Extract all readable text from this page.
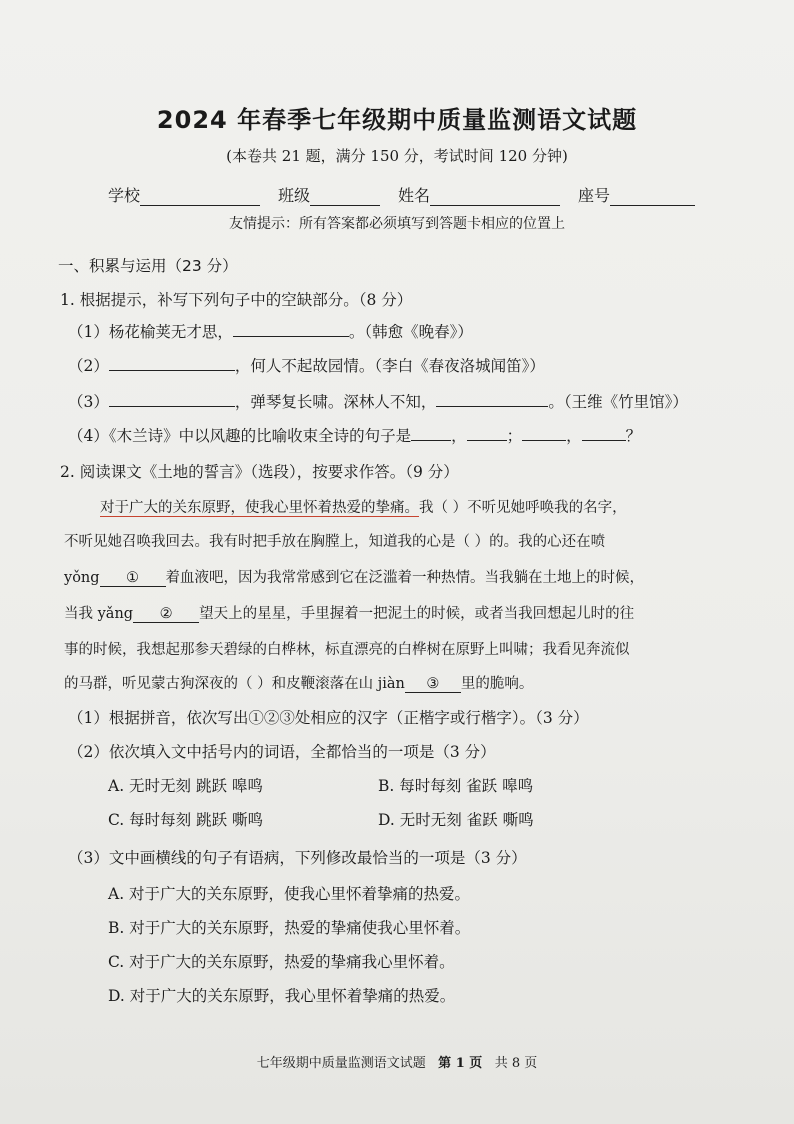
2024 年春季七年级期中质量监测语文试题
(本卷共 21 题，满分 150 分，考试时间 120 分钟)
学校	班级	姓名	座号
友情提示：所有答案都必须填写到答题卡相应的位置上
一、积累与运用（23 分）
1. 根据提示，补写下列句子中的空缺部分。（8 分）
（1）杨花榆荚无才思，	。（韩愈《晚春》）
（2）	，何人不起故园情。（李白《春夜洛城闻笛》）
（3）	，弹琴复长啸。深林人不知，	。（王维《竹里馆》）
（4）《木兰诗》中以风趣的比喻收束全诗的句子是	，	；	，	？
2. 阅读课文《土地的誓言》（选段），按要求作答。（9 分）
对于广大的关东原野，使我心里怀着热爱的挚痛。我（ ）不听见她呼唤我的名字，
不听见她召唤我回去。我有时把手放在胸膛上，知道我的心是（ ）的。我的心还在喷
yǒng ① 着血液吧，因为我常常感到它在泛滥着一种热情。当我躺在土地上的时候，
当我 yǎng ② 望天上的星星，手里握着一把泥土的时候，或者当我回想起儿时的往
事的时候，我想起那参天碧绿的白桦林，标直漂亮的白桦树在原野上叫啸；我看见奔流似
的马群，听见蒙古狗深夜的（ ）和皮鞭滚落在山 jiàn ③ 里的脆响。
（1）根据拼音，依次写出①②③处相应的汉字（正楷字或行楷字）。（3 分）
（2）依次填入文中括号内的词语，全都恰当的一项是（3 分）
A. 无时无刻 跳跃 嗥鸣	B. 每时每刻 雀跃 嗥鸣
C. 每时每刻 跳跃 嘶鸣	D. 无时无刻 雀跃 嘶鸣
（3）文中画横线的句子有语病，下列修改最恰当的一项是（3 分）
A. 对于广大的关东原野，使我心里怀着挚痛的热爱。
B. 对于广大的关东原野，热爱的挚痛使我心里怀着。
C. 对于广大的关东原野，热爱的挚痛我心里怀着。
D. 对于广大的关东原野，我心里怀着挚痛的热爱。
七年级期中质量监测语文试题 第 1 页 共 8 页
